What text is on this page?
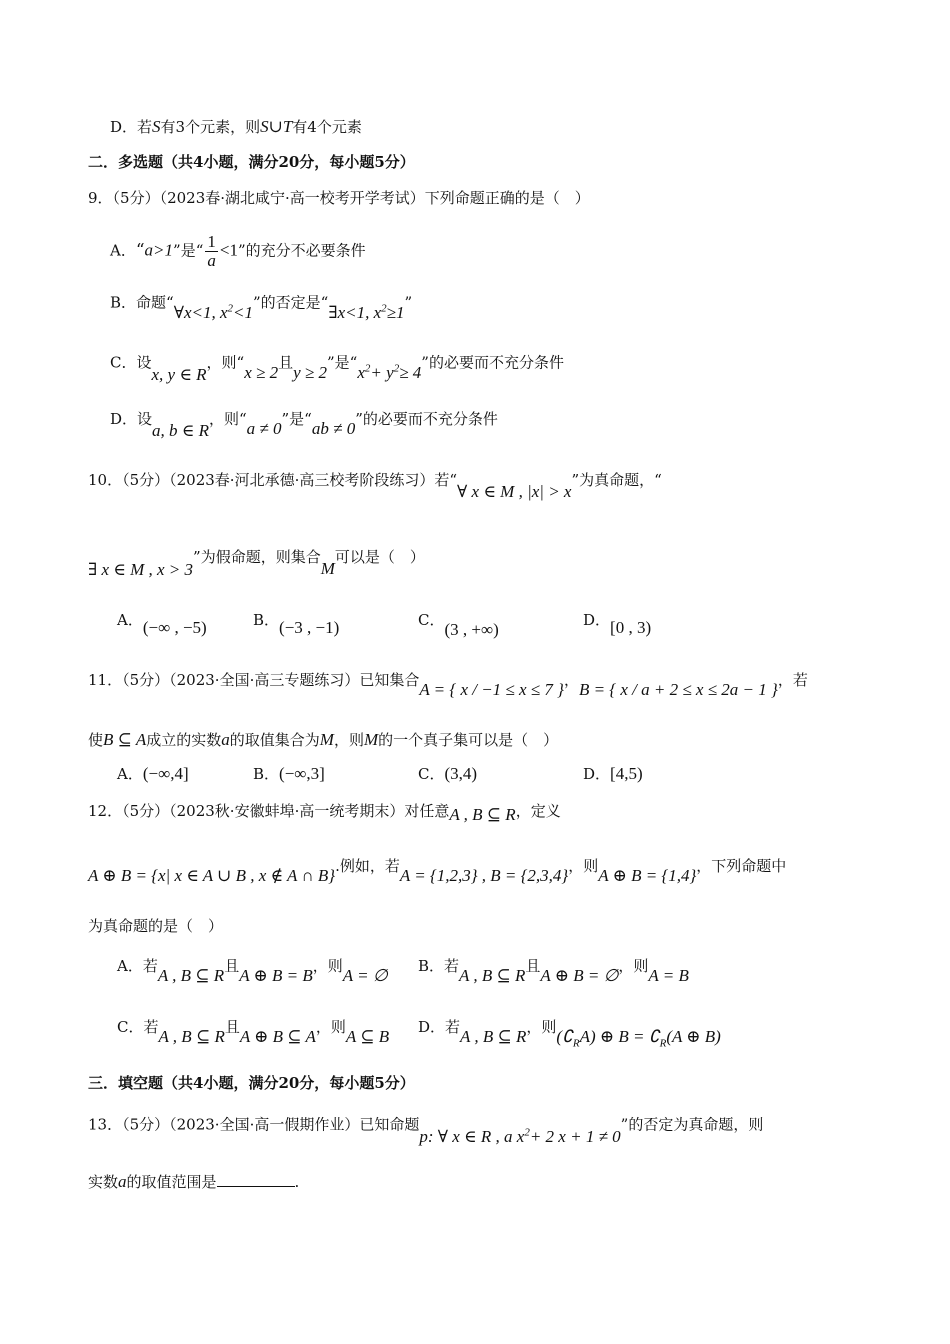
D．若S有3个元素，则S∪T有4个元素
二．多选题（共4小题，满分20分，每小题5分）
9．（5分）（2023春·湖北咸宁·高一校考开学考试）下列命题正确的是（　）
A．“a>1”是“ $\frac{1}{a} <1$”的充分不必要条件
B．命题“∀x<1, $x^2<1$”的否定是“∃x<1, $x^2\ge 1$”
C．设x, y ∈ R，则“x ≥ 2且y ≥ 2”是“$x^2+ y^2\ge 4$”的必要而不充分条件
D．设a, b ∈ R，则“a ≠ 0”是“ab ≠ 0”的必要而不充分条件
10．（5分）（2023春·河北承德·高三校考阶段练习）若“∀ x ∈ M , |x| > x”为真命题，“
∃ x ∈ M , x > 3”为假命题，则集合M可以是（　）
A．(−∞ , −5)	B．(−3 , −1)	C．(3 , +∞)	D．[0 , 3)
11．（5分）（2023·全国·高三专题练习）已知集合A = { x / −1 ≤ x ≤ 7 }，B = { x / a + 2 ≤ x ≤ 2a − 1 }，若
使B ⊆ A成立的实数a的取值集合为M，则M的一个真子集可以是（　）
A．(−∞,4]	B．(−∞,3]	C．(3,4)	D．[4,5)
12．（5分）（2023秋·安徽蚌埠·高一统考期末）对任意A , B ⊆ R，定义
A ⊕ B = {x| x ∈ A ∪ B , x ∉ A ∩ B}.例如，若A = {1,2,3} , B = {2,3,4}，则A ⊕ B = {1,4}，下列命题中
为真命题的是（　）
A．若A , B ⊆ R且A ⊕ B = B，则A = ∅ B．若A , B ⊆ R且A ⊕ B = ∅，则A = B
C．若A , B ⊆ R且A ⊕ B ⊆ A，则A ⊆ B D．若A , B ⊆ R，则$(∁_RA)$ ⊕ $B = ∁_R(A$ ⊕ B)
三．填空题（共4小题，满分20分，每小题5分）
13．（5分）（2023·全国·高一假期作业）已知命题p: ∀ x ∈ R , a $x^2+ 2$ x + 1 ≠ 0”的否定为真命题，则
实数a的取值范围是	.
